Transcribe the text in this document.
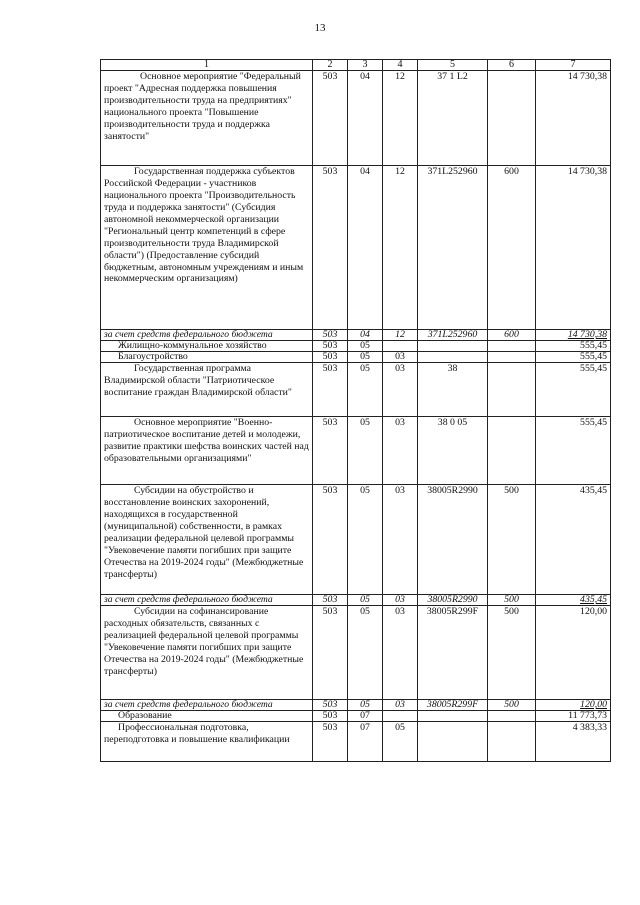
13
1	2	3	4	5	6	7
Основное мероприятие "Федеральный проект "Адресная поддержка повышения производительности труда на предприятиях" национального проекта "Повышение производительности труда и поддержка занятости"	503	04	12	37 1 L2		14 730,38
Государственная поддержка субъектов Российской Федерации - участников национального проекта "Производительность труда и поддержка занятости" (Субсидия автономной некоммерческой организации "Региональный центр компетенций в сфере производительности труда Владимирской области") (Предоставление субсидий бюджетным, автономным учреждениям и иным некоммерческим организациям)	503	04	12	371L252960	600	14 730,38
за счет средств федерального бюджета	503	04	12	371L252960	600	14 730,38
Жилищно-коммунальное хозяйство	503	05				555,45
Благоустройство	503	05	03			555,45
Государственная программа Владимирской области "Патриотическое воспитание граждан Владимирской области"	503	05	03	38		555,45
Основное мероприятие "Военно-патриотическое воспитание детей и молодежи, развитие практики шефства воинских частей над образовательными организациями"	503	05	03	38 0 05		555,45
Субсидии на обустройство и восстановление воинских захоронений, находящихся в государственной (муниципальной) собственности, в рамках реализации федеральной целевой программы "Увековечение памяти погибших при защите Отечества на 2019-2024 годы" (Межбюджетные трансферты)	503	05	03	38005R2990	500	435,45
за счет средств федерального бюджета	503	05	03	38005R2990	500	435,45
Субсидии на софинансирование расходных обязательств, связанных с реализацией федеральной целевой программы "Увековечение памяти погибших при защите Отечества на 2019-2024 годы" (Межбюджетные трансферты)	503	05	03	38005R299F	500	120,00
за счет средств федерального бюджета	503	05	03	38005R299F	500	120,00
Образование	503	07				11 773,73
Профессиональная подготовка, переподготовка и повышение квалификации	503	07	05			4 383,33
